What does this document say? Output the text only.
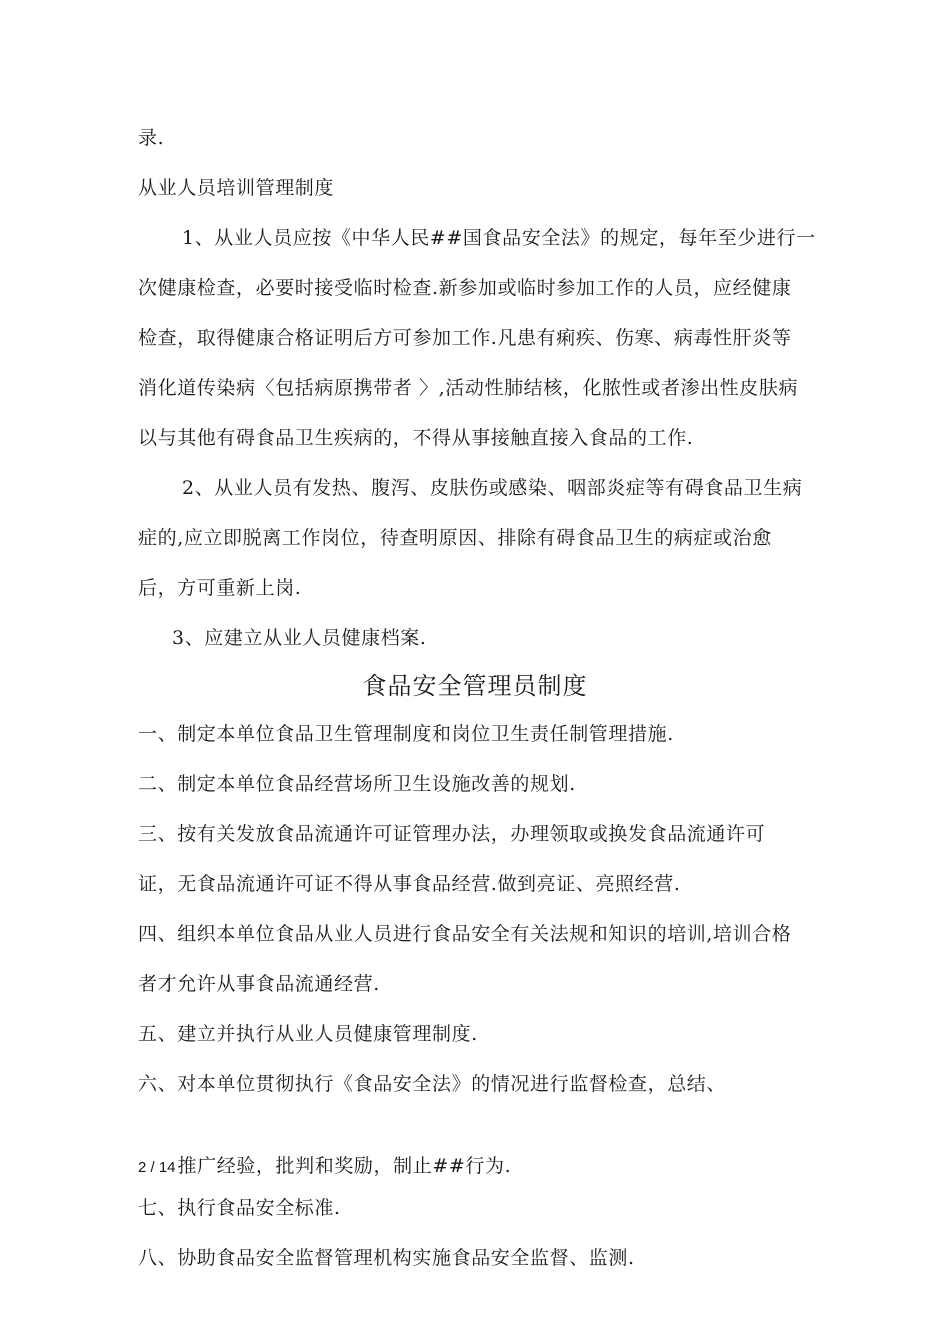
录.
从业人员培训管理制度
1、从业人员应按《中华人民##国食品安全法》的规定，每年至少进行一
次健康检查，必要时接受临时检查.新参加或临时参加工作的人员，应经健康
检查，取得健康合格证明后方可参加工作.凡患有痢疾、伤寒、病毒性肝炎等
消化道传染病〈包括病原携带者 〉,活动性肺结核，化脓性或者渗出性皮肤病
以与其他有碍食品卫生疾病的，不得从事接触直接入食品的工作.
2、从业人员有发热、腹泻、皮肤伤或感染、咽部炎症等有碍食品卫生病
症的,应立即脱离工作岗位，待查明原因、排除有碍食品卫生的病症或治愈
后，方可重新上岗.
3、应建立从业人员健康档案.
食品安全管理员制度
一、制定本单位食品卫生管理制度和岗位卫生责任制管理措施.
二、制定本单位食品经营场所卫生设施改善的规划.
三、按有关发放食品流通许可证管理办法，办理领取或换发食品流通许可
证，无食品流通许可证不得从事食品经营.做到亮证、亮照经营.
四、组织本单位食品从业人员进行食品安全有关法规和知识的培训,培训合格
者才允许从事食品流通经营.
五、建立并执行从业人员健康管理制度.
六、对本单位贯彻执行《食品安全法》的情况进行监督检查，总结、
2 / 14 推广经验，批判和奖励，制止##行为.
七、执行食品安全标准.
八、协助食品安全监督管理机构实施食品安全监督、监测.
